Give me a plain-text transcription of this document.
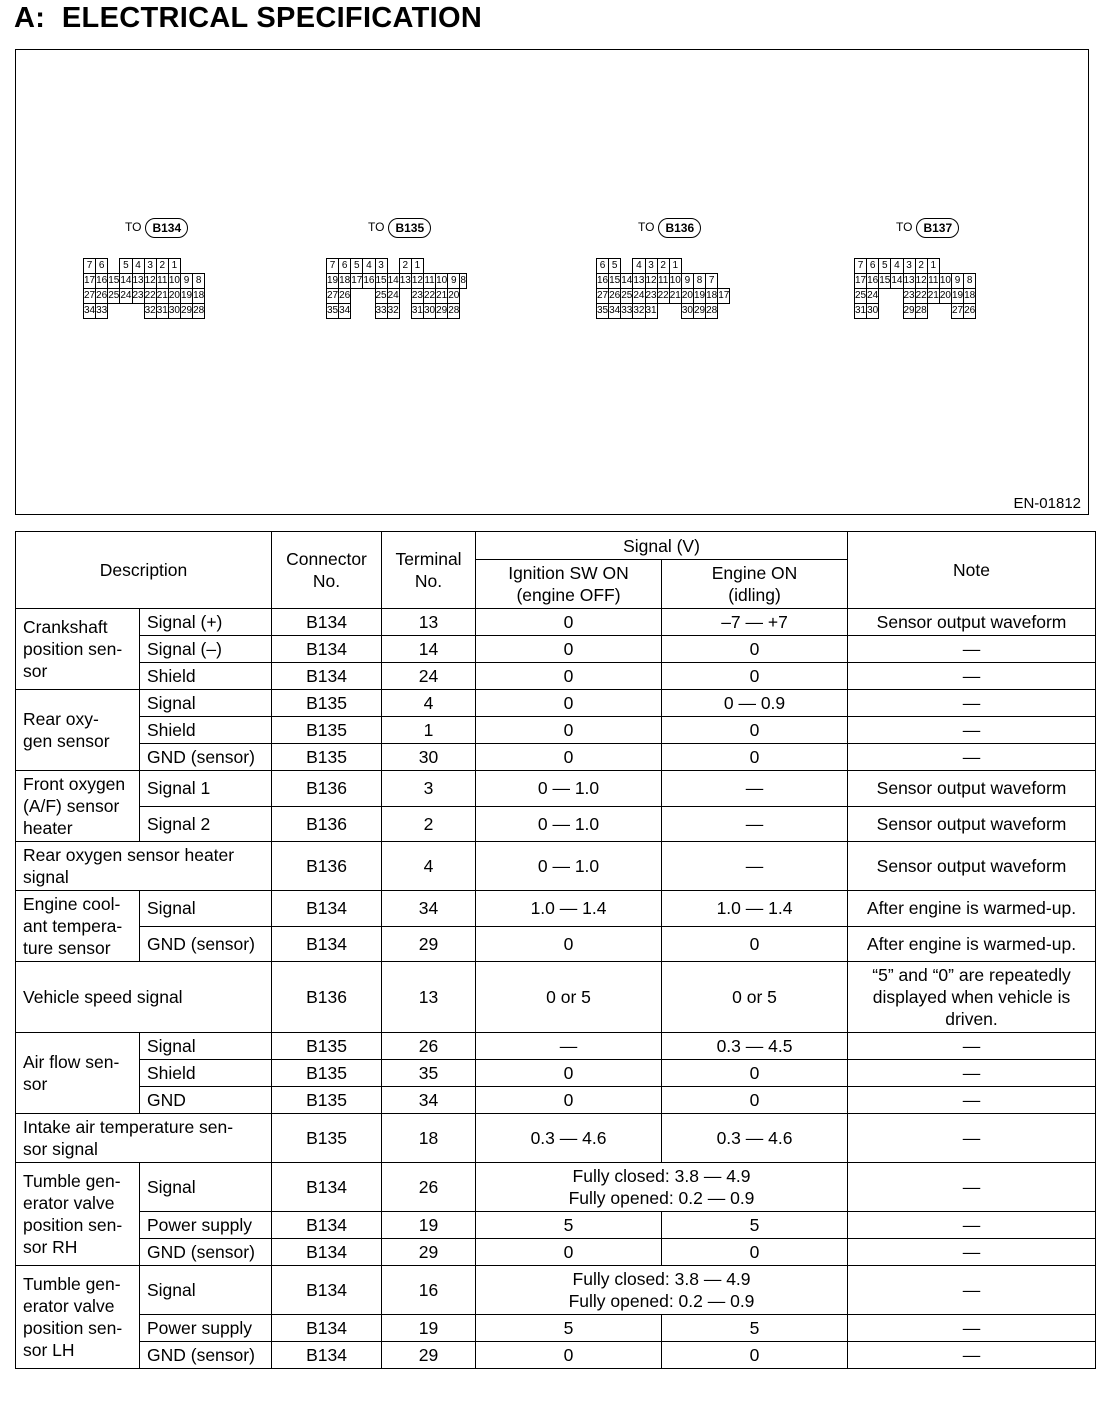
A:  ELECTRICAL SPECIFICATION
TO B134
7	6		5	4	3	2	1		
17	16	15	14	13	12	11	10	9	8
27	26	25	24	23	22	21	20	19	18
34	33				32	31	30	29	28
TO B135
7	6	5	4	3		2	1				
19	18	17	16	15	14	13	12	11	10	9	8
27	26			25	24		23	22	21	20	
35	34			33	32		31	30	29	28	
TO B136
6	5		4	3	2	1				
16	15	14	13	12	11	10	9	8	7	
27	26	25	24	23	22	21	20	19	18	17
35	34	33	32	31			30	29	28	
TO B137
7	6	5	4	3	2	1			
17	16	15	14	13	12	11	10	9	8
25	24			23	22	21	20	19	18
31	30			29	28			27	26
EN-01812
Description		Connector
No.	Terminal
No.	Signal (V)		Note
				Ignition SW ON
(engine OFF)	Engine ON
(idling)	
Crankshaft
position sen-
sor	Signal (+)	B134	13	0	–7 — +7	Sensor output waveform
	Signal (–)	B134	14	0	0	—
	Shield	B134	24	0	0	—
Rear oxy-
gen sensor	Signal	B135	4	0	0 — 0.9	—
	Shield	B135	1	0	0	—
	GND (sensor)	B135	30	0	0	—
Front oxygen
(A/F) sensor
heater	Signal 1	B136	3	0 — 1.0	—	Sensor output waveform
	Signal 2	B136	2	0 — 1.0	—	Sensor output waveform
Rear oxygen sensor heater
signal		B136	4	0 — 1.0	—	Sensor output waveform
Engine cool-
ant tempera-
ture sensor	Signal	B134	34	1.0 — 1.4	1.0 — 1.4	After engine is warmed-up.
	GND (sensor)	B134	29	0	0	After engine is warmed-up.
Vehicle speed signal		B136	13	0 or 5	0 or 5	“5” and “0” are repeatedly
displayed when vehicle is
driven.
Air flow sen-
sor	Signal	B135	26	—	0.3 — 4.5	—
	Shield	B135	35	0	0	—
	GND	B135	34	0	0	—
Intake air temperature sen-
sor signal		B135	18	0.3 — 4.6	0.3 — 4.6	—
Tumble gen-
erator valve
position sen-
sor RH	Signal	B134	26	Fully closed: 3.8 — 4.9
Fully opened: 0.2 — 0.9		—
	Power supply	B134	19	5	5	—
	GND (sensor)	B134	29	0	0	—
Tumble gen-
erator valve
position sen-
sor LH	Signal	B134	16	Fully closed: 3.8 — 4.9
Fully opened: 0.2 — 0.9		—
	Power supply	B134	19	5	5	—
	GND (sensor)	B134	29	0	0	—
